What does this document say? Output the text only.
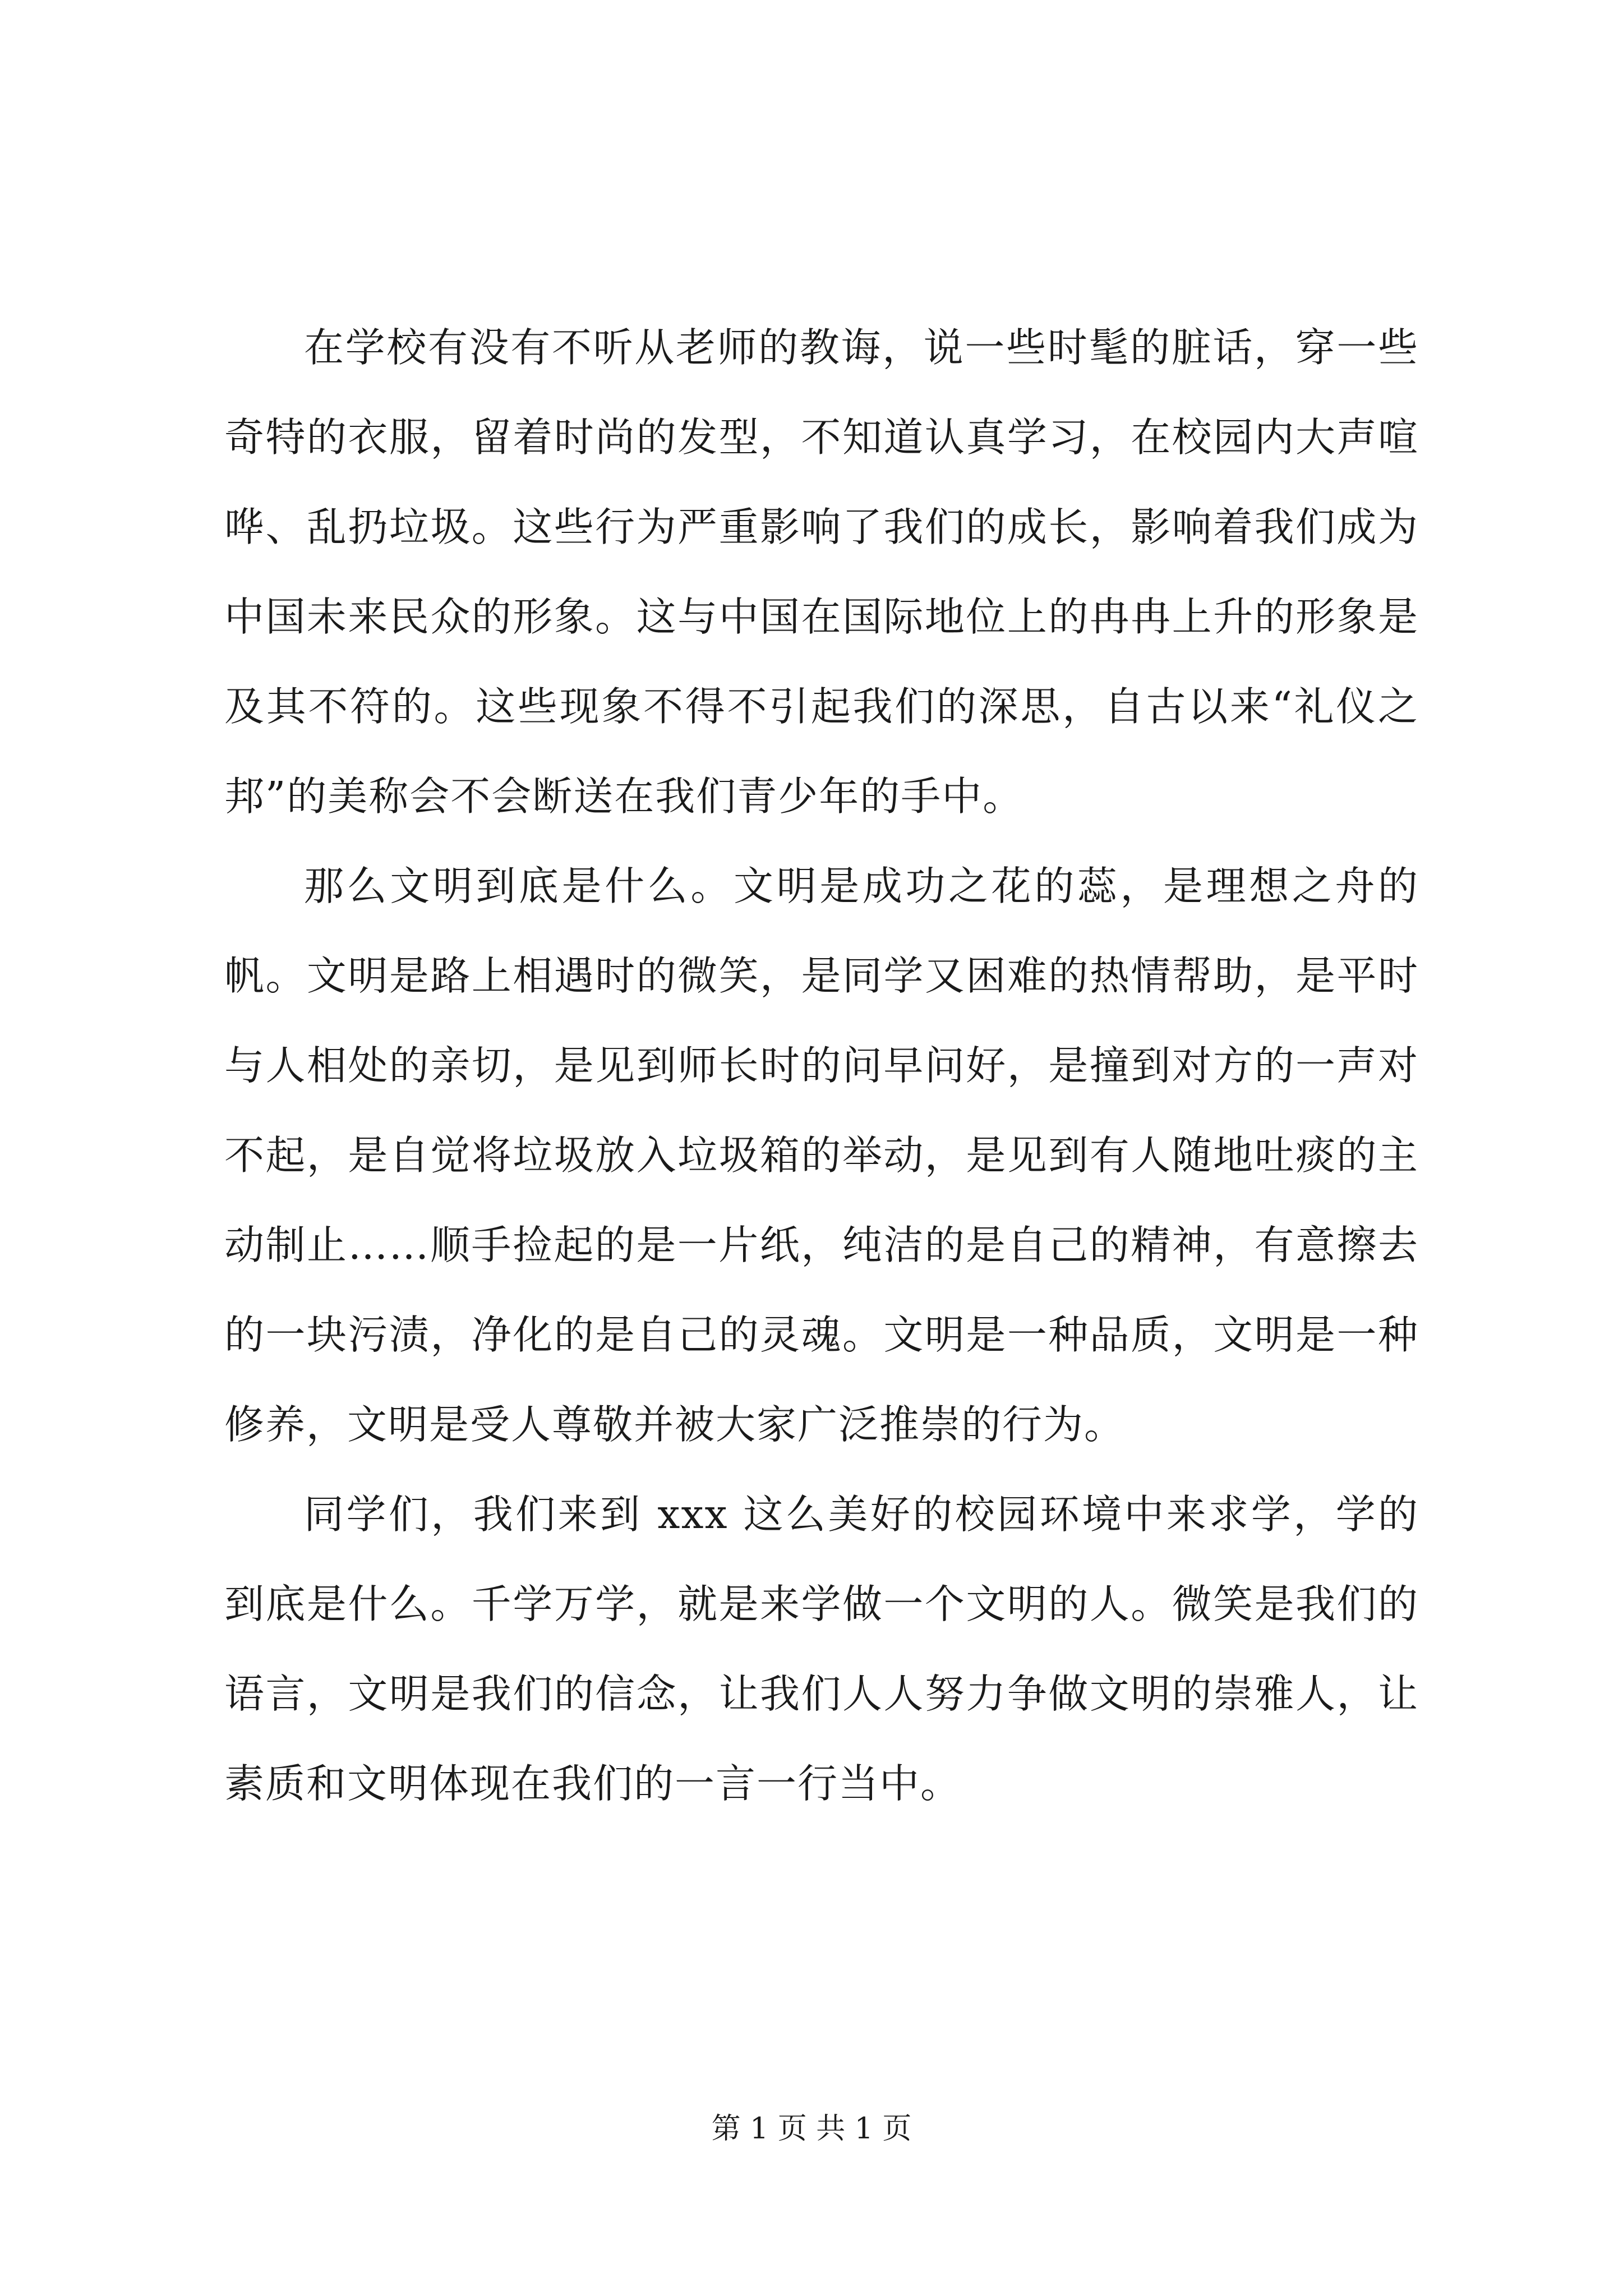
在学校有没有不听从老师的教诲，说一些时髦的脏话，穿一些奇特的衣服，留着时尚的发型，不知道认真学习，在校园内大声喧哗、乱扔垃圾。这些行为严重影响了我们的成长，影响着我们成为中国未来民众的形象。这与中国在国际地位上的冉冉上升的形象是及其不符的。这些现象不得不引起我们的深思，自古以来“礼仪之邦”的美称会不会断送在我们青少年的手中。

那么文明到底是什么。文明是成功之花的蕊，是理想之舟的帆。文明是路上相遇时的微笑，是同学又困难的热情帮助，是平时与人相处的亲切，是见到师长时的问早问好，是撞到对方的一声对不起，是自觉将垃圾放入垃圾箱的举动，是见到有人随地吐痰的主动制止……顺手捡起的是一片纸，纯洁的是自己的精神，有意擦去的一块污渍，净化的是自己的灵魂。文明是一种品质，文明是一种修养，文明是受人尊敬并被大家广泛推崇的行为。

同学们，我们来到 xxx 这么美好的校园环境中来求学，学的到底是什么。千学万学，就是来学做一个文明的人。微笑是我们的语言，文明是我们的信念，让我们人人努力争做文明的崇雅人，让素质和文明体现在我们的一言一行当中。

第 1 页 共 1 页
